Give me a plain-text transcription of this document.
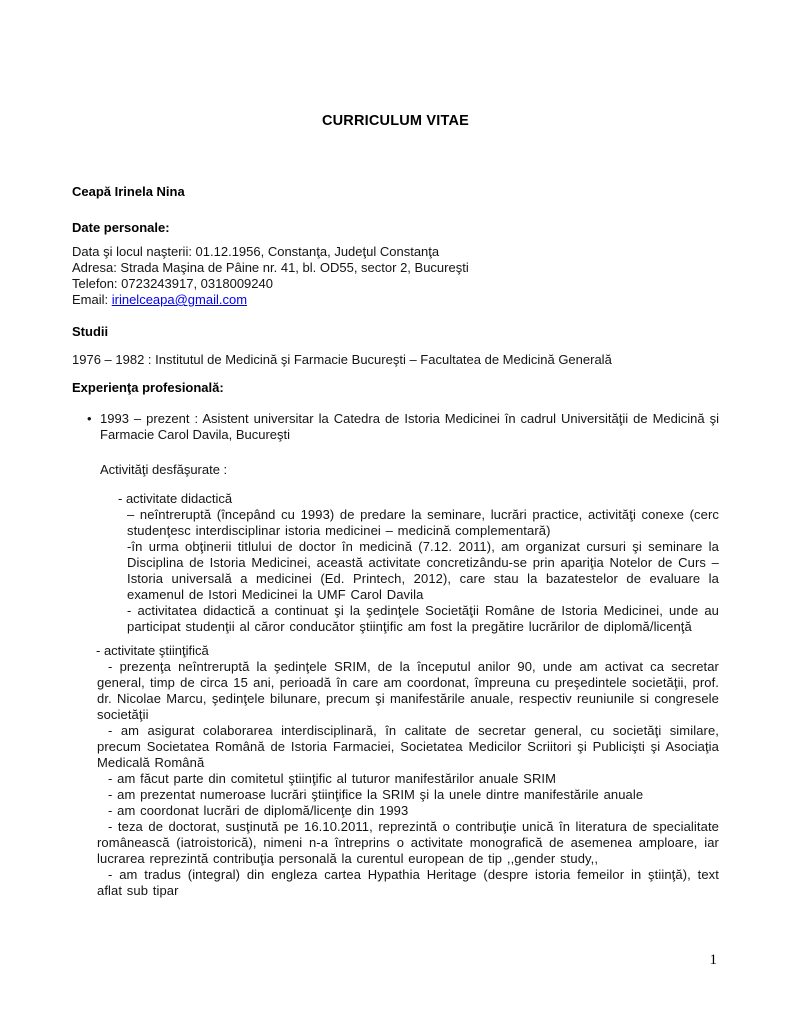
CURRICULUM VITAE
Ceapă Irinela Nina
Date personale:
Data şi locul naşterii: 01.12.1956, Constanţa, Judeţul Constanţa
Adresa: Strada Maşina de Pâine nr. 41, bl. OD55, sector 2, Bucureşti
Telefon: 0723243917, 0318009240
Email: irinelceapa@gmail.com
Studii
1976 – 1982 : Institutul de Medicină şi Farmacie Bucureşti – Facultatea de Medicină Generală
Experienţa profesională:
• 1993 – prezent : Asistent universitar la Catedra de Istoria Medicinei în cadrul Universităţii de Medicină şi Farmacie Carol Davila, Bucureşti
Activităţi desfăşurate :
- activitate didactică

– neîntreruptă (începând cu 1993) de predare la seminare, lucrări practice, activităţi conexe (cerc studenţesc interdisciplinar istoria medicinei – medicină complementară)

-în urma obţinerii titlului de doctor în medicină (7.12. 2011), am organizat cursuri şi seminare la Disciplina de Istoria Medicinei, această activitate concretizându-se prin apariţia Notelor de Curs – Istoria universală a medicinei (Ed. Printech, 2012), care stau la bazatestelor de evaluare la examenul de Istori Medicinei la UMF Carol Davila

- activitatea didactică a continuat şi la şedinţele Societăţii Române de Istoria Medicinei, unde au participat studenţii al căror conducător ştiinţific am fost la pregătire lucrărilor de diplomă/licenţă

- activitate ştiinţifică

- prezenţa neîntreruptă la şedinţele SRIM, de la începutul anilor 90, unde am activat ca secretar general, timp de circa 15 ani, perioadă în care am coordonat, împreuna cu preşedintele societăţii, prof. dr. Nicolae Marcu, şedinţele bilunare, precum şi manifestările anuale, respectiv reuniunile si congresele societăţii

- am asigurat colaborarea interdisciplinară, în calitate de secretar general, cu societăţi similare, precum Societatea Română de Istoria Farmaciei, Societatea Medicilor Scriitori şi Publicişti şi Asociaţia Medicală Română

- am făcut parte din comitetul ştiinţific al tuturor manifestărilor anuale SRIM

- am prezentat numeroase lucrări ştiinţifice la SRIM şi la unele dintre manifestările anuale

- am coordonat lucrări de diplomă/licenţe din 1993

- teza de doctorat, susţinută pe 16.10.2011, reprezintă o contribuţie unică în literatura de specialitate românească (iatroistorică), nimeni n-a întreprins o activitate monografică de asemenea amploare, iar lucrarea reprezintă contribuţia personală la curentul european de tip ,,gender study,,

- am tradus (integral) din engleza cartea Hypathia Heritage (despre istoria femeilor in ştiinţă), text aflat sub tipar

1
